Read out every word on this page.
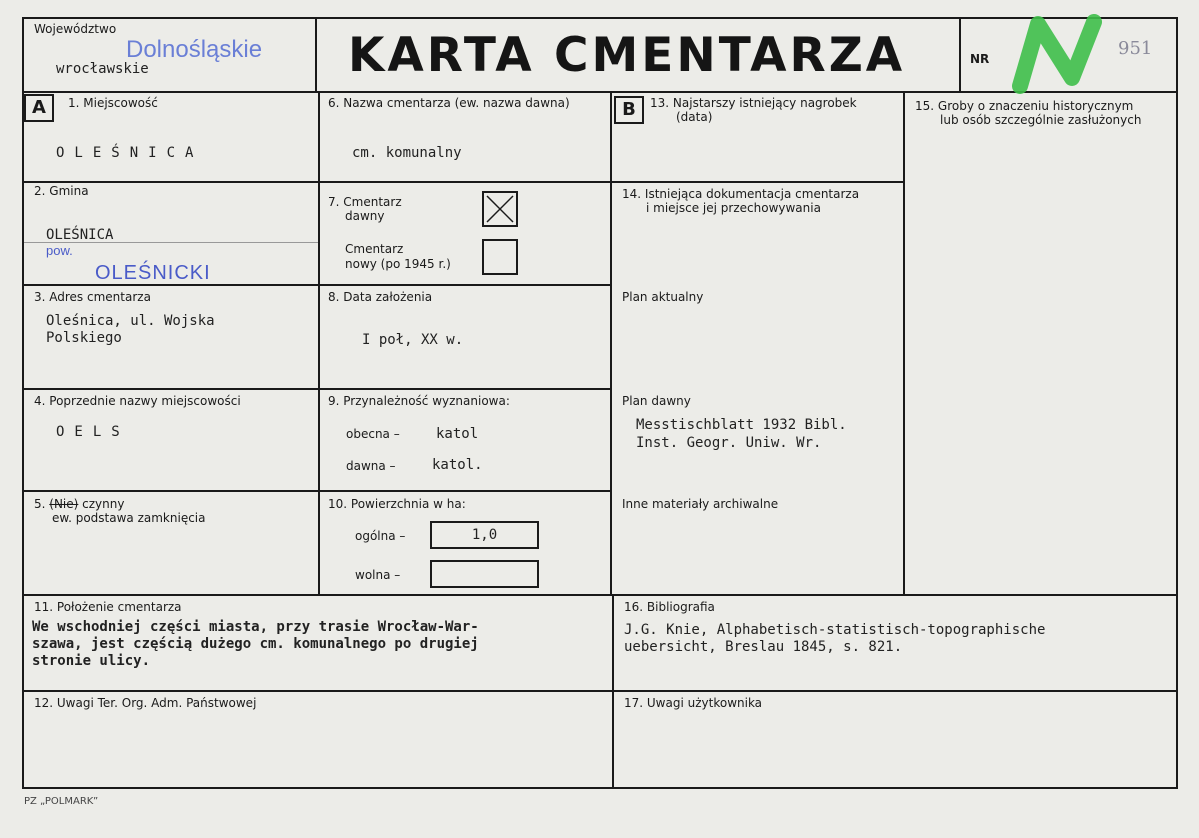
Województwo
Dolnośląskie
wrocławskie	KARTA CMENTARZA	NR	951
A	1. Miejscowość
OLEŚNICA
2. Gmina
OLEŚNICA
pow.
OLEŚNICKI
3. Adres cmentarza
Oleśnica, ul. Wojska
Polskiego
4. Poprzednie nazwy miejscowości
OELS
5. (Nie) czynny
ew. podstawa zamknięcia
6. Nazwa cmentarza (ew. nazwa dawna)
cm. komunalny
7. Cmentarz
dawny
Cmentarz
nowy (po 1945 r.)
8. Data założenia
I poł, XX w.
9. Przynależność wyznaniowa:
obecna –	katol
dawna –	katol.
10. Powierzchnia w ha:
ogólna –	1,0
wolna –
B	13. Najstarszy istniejący nagrobek
(data)
14. Istniejąca dokumentacja cmentarza
i miejsce jej przechowywania
Plan aktualny
Plan dawny
Messtischblatt 1932 Bibl.
Inst. Geogr. Uniw. Wr.
Inne materiały archiwalne
15. Groby o znaczeniu historycznym
lub osób szczególnie zasłużonych
11. Położenie cmentarza
We wschodniej części miasta, przy trasie Wrocław-War-
szawa, jest częścią dużego cm. komunalnego po drugiej
stronie ulicy.
16. Bibliografia
J.G. Knie, Alphabetisch-statistisch-topographische
uebersicht, Breslau 1845, s. 821.
12. Uwagi Ter. Org. Adm. Państwowej	17. Uwagi użytkownika
PZ „POLMARK”
